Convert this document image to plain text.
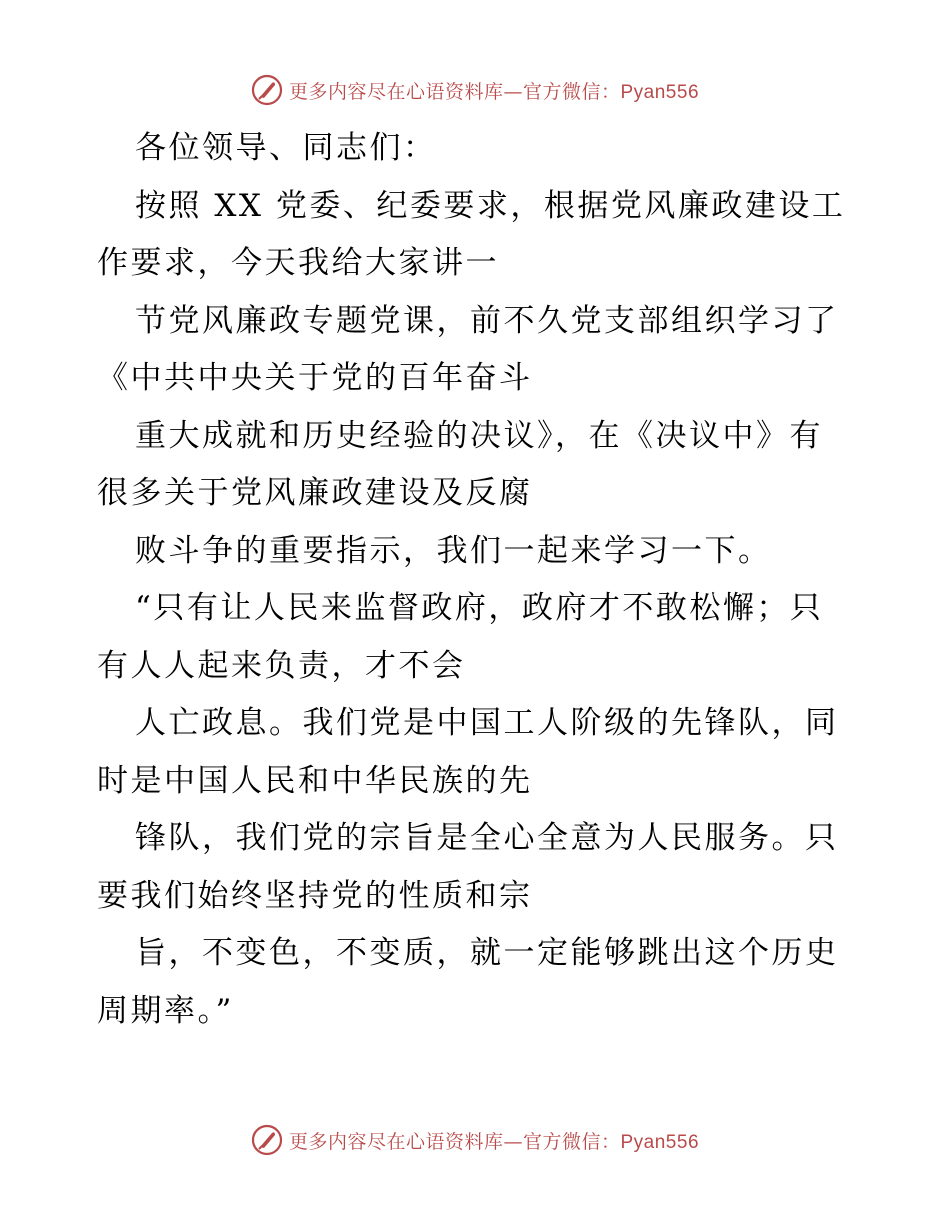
更多内容尽在心语资料库—官方微信：Pyan556
各位领导、同志们：
按照 XX 党委、纪委要求，根据党风廉政建设工
作要求，今天我给大家讲一
节党风廉政专题党课，前不久党支部组织学习了
《中共中央关于党的百年奋斗
重大成就和历史经验的决议》，在《决议中》有
很多关于党风廉政建设及反腐
败斗争的重要指示，我们一起来学习一下。
“只有让人民来监督政府，政府才不敢松懈；只
有人人起来负责，才不会
人亡政息。我们党是中国工人阶级的先锋队，同
时是中国人民和中华民族的先
锋队，我们党的宗旨是全心全意为人民服务。只
要我们始终坚持党的性质和宗
旨，不变色，不变质，就一定能够跳出这个历史
周期率。”
更多内容尽在心语资料库—官方微信：Pyan556
